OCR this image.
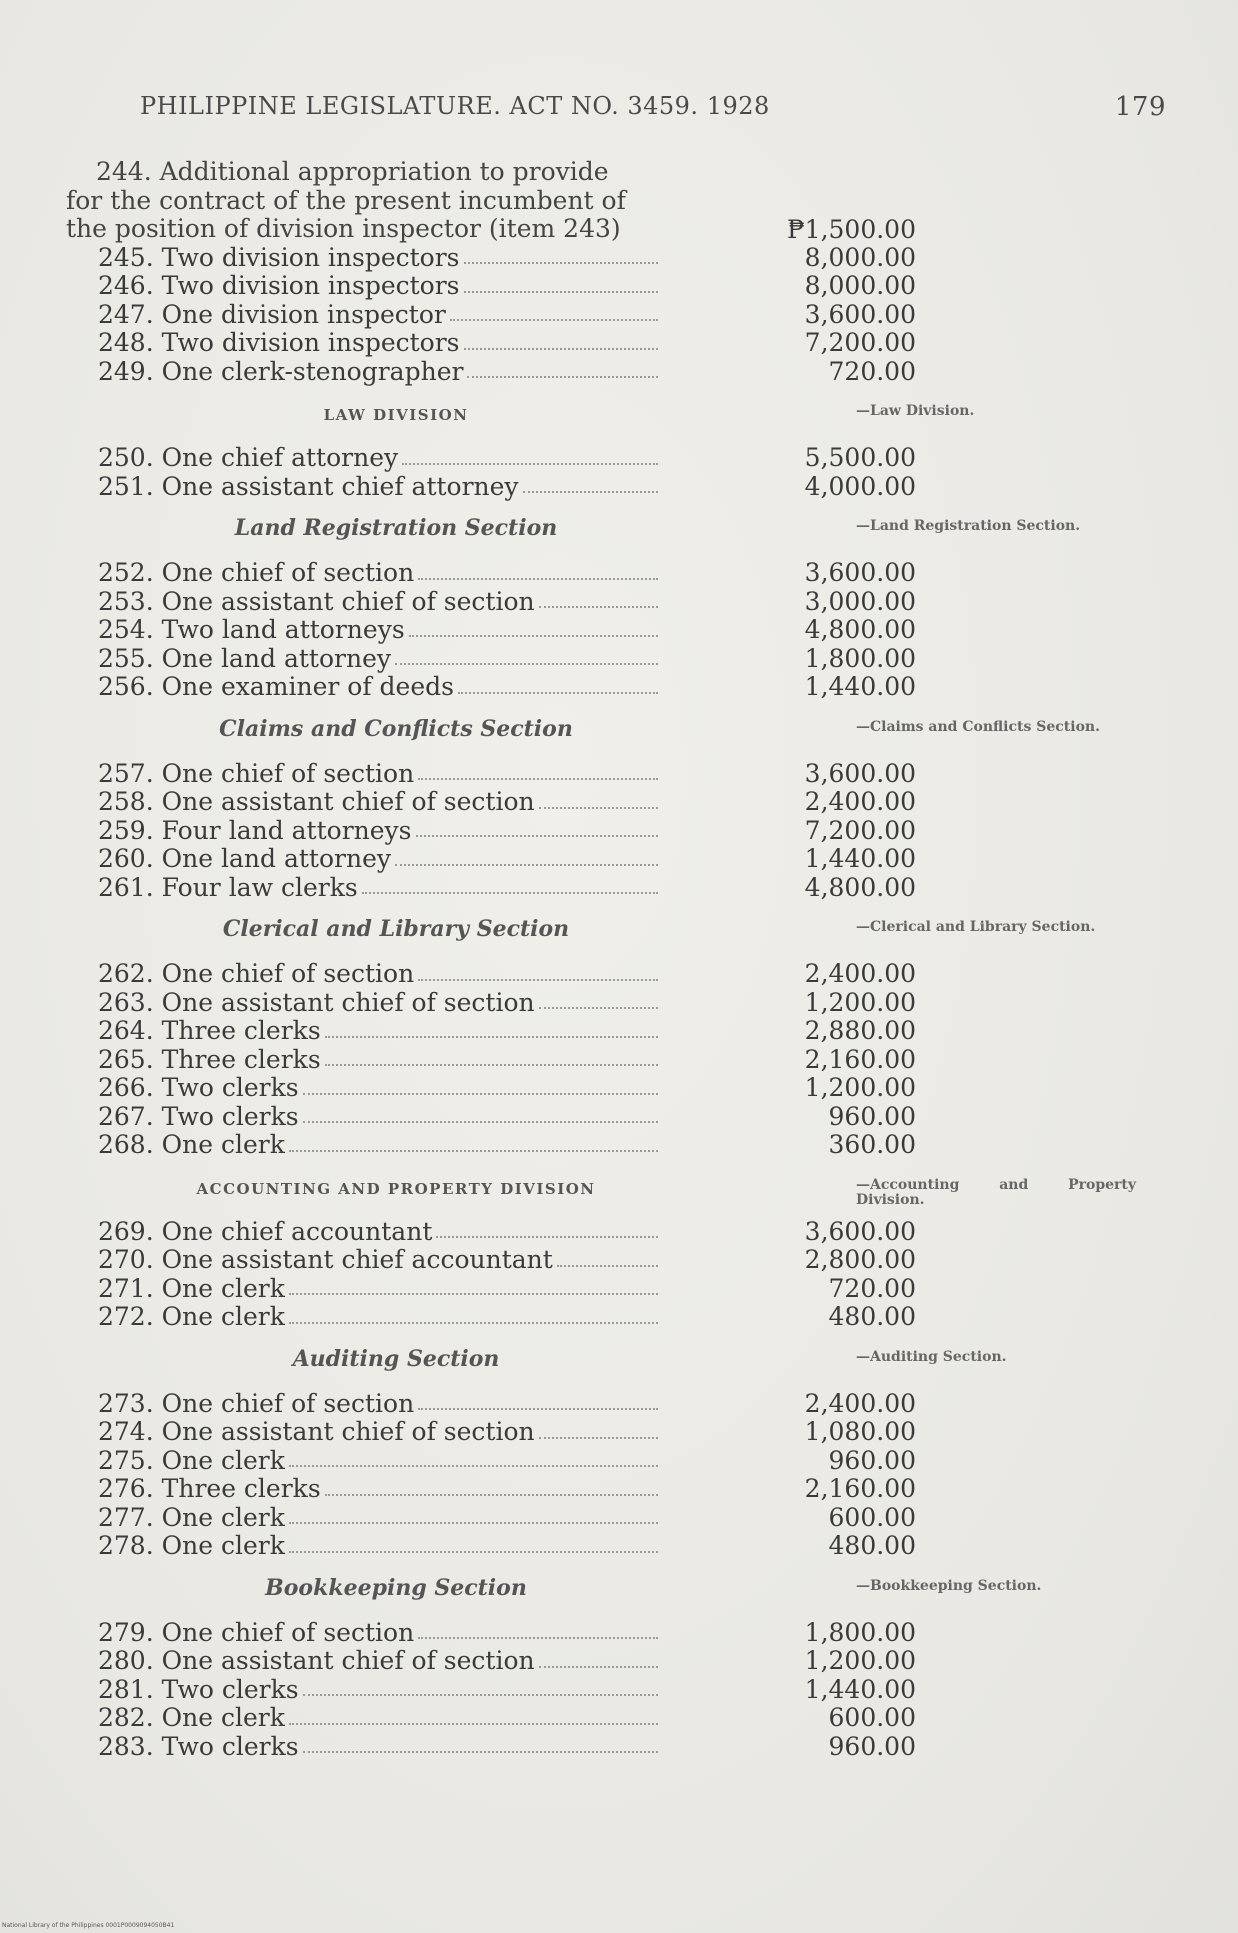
PHILIPPINE LEGISLATURE. ACT NO. 3459. 1928	179
244. Additional appropriation to provide
for the contract of the present incumbent of
the position of division inspector (item 243)	₱1,500.00
245. Two division inspectors	8,000.00
246. Two division inspectors	8,000.00
247. One division inspector	3,600.00
248. Two division inspectors	7,200.00
249. One clerk-stenographer	720.00
LAW DIVISION	—Law Division.
250. One chief attorney	5,500.00
251. One assistant chief attorney	4,000.00
Land Registration Section	—Land Registration Section.
252. One chief of section	3,600.00
253. One assistant chief of section	3,000.00
254. Two land attorneys	4,800.00
255. One land attorney	1,800.00
256. One examiner of deeds	1,440.00
Claims and Conflicts Section	—Claims and Conflicts Section.
257. One chief of section	3,600.00
258. One assistant chief of section	2,400.00
259. Four land attorneys	7,200.00
260. One land attorney	1,440.00
261. Four law clerks	4,800.00
Clerical and Library Section	—Clerical and Library Section.
262. One chief of section	2,400.00
263. One assistant chief of section	1,200.00
264. Three clerks	2,880.00
265. Three clerks	2,160.00
266. Two clerks	1,200.00
267. Two clerks	960.00
268. One clerk	360.00
ACCOUNTING AND PROPERTY DIVISION	—Accounting and Property Division.
269. One chief accountant	3,600.00
270. One assistant chief accountant	2,800.00
271. One clerk	720.00
272. One clerk	480.00
Auditing Section	—Auditing Section.
273. One chief of section	2,400.00
274. One assistant chief of section	1,080.00
275. One clerk	960.00
276. Three clerks	2,160.00
277. One clerk	600.00
278. One clerk	480.00
Bookkeeping Section	—Bookkeeping Section.
279. One chief of section	1,800.00
280. One assistant chief of section	1,200.00
281. Two clerks	1,440.00
282. One clerk	600.00
283. Two clerks	960.00
National Library of the Philippines 0001P0009094050B41
